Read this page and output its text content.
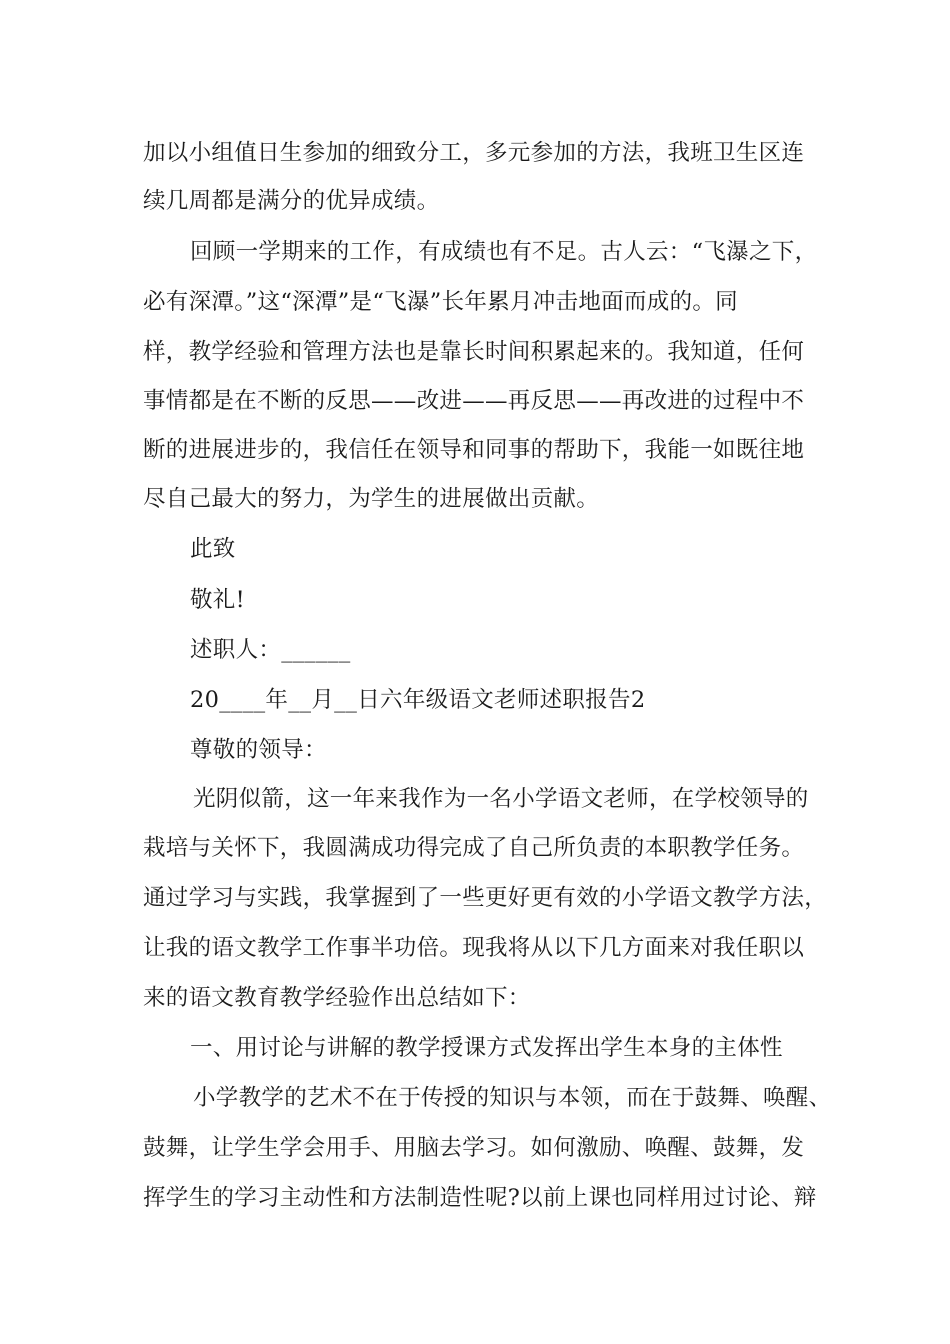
加以小组值日生参加的细致分工，多元参加的方法，我班卫生区连
续几周都是满分的优异成绩。
回顾一学期来的工作，有成绩也有不足。古人云：“飞瀑之下，
必有深潭。”这“深潭”是“飞瀑”长年累月冲击地面而成的。同
样，教学经验和管理方法也是靠长时间积累起来的。我知道，任何
事情都是在不断的反思——改进——再反思——再改进的过程中不
断的进展进步的，我信任在领导和同事的帮助下，我能一如既往地
尽自己最大的努力，为学生的进展做出贡献。
此致
敬礼!
述职人：______
20____年__月__日六年级语文老师述职报告2
尊敬的领导：
光阴似箭，这一年来我作为一名小学语文老师，在学校领导的
栽培与关怀下，我圆满成功得完成了自己所负责的本职教学任务。
通过学习与实践，我掌握到了一些更好更有效的小学语文教学方法，
让我的语文教学工作事半功倍。现我将从以下几方面来对我任职以
来的语文教育教学经验作出总结如下：
一、用讨论与讲解的教学授课方式发挥出学生本身的主体性
小学教学的艺术不在于传授的知识与本领，而在于鼓舞、唤醒、
鼓舞，让学生学会用手、用脑去学习。如何激励、唤醒、鼓舞，发
挥学生的学习主动性和方法制造性呢?以前上课也同样用过讨论、辩
